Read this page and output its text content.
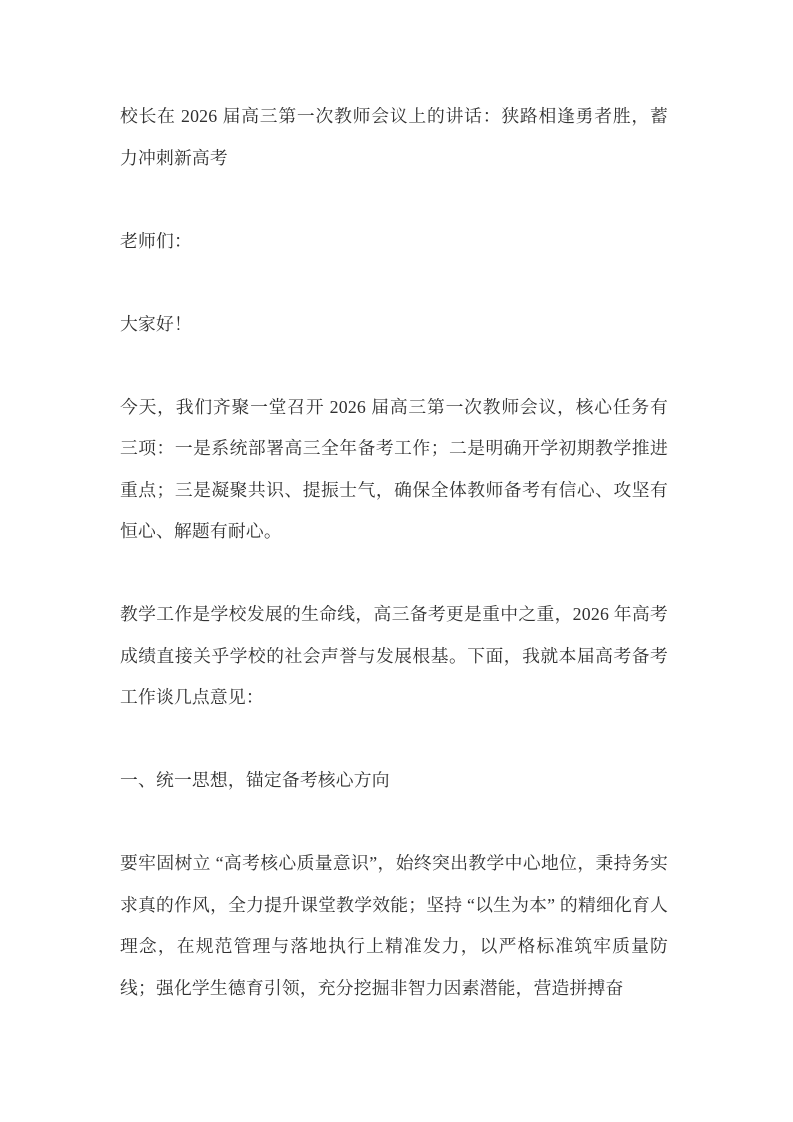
校长在 2026 届高三第一次教师会议上的讲话：狭路相逢勇者胜，蓄力冲刺新高考

老师们：

大家好！

今天，我们齐聚一堂召开 2026 届高三第一次教师会议，核心任务有三项：一是系统部署高三全年备考工作；二是明确开学初期教学推进重点；三是凝聚共识、提振士气，确保全体教师备考有信心、攻坚有恒心、解题有耐心。

教学工作是学校发展的生命线，高三备考更是重中之重，2026 年高考成绩直接关乎学校的社会声誉与发展根基。下面，我就本届高考备考工作谈几点意见：

一、统一思想，锚定备考核心方向

要牢固树立 “高考核心质量意识”，始终突出教学中心地位，秉持务实求真的作风，全力提升课堂教学效能；坚持 “以生为本” 的精细化育人理念，在规范管理与落地执行上精准发力，以严格标准筑牢质量防线；强化学生德育引领，充分挖掘非智力因素潜能，营造拼搏奋
